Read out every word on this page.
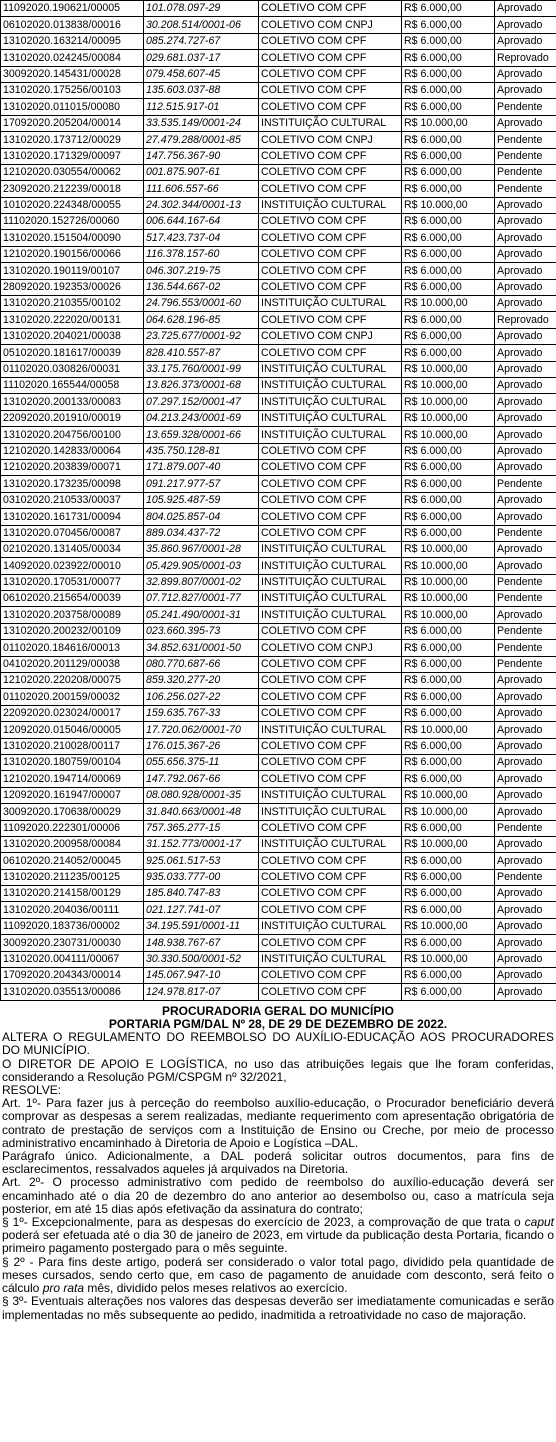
11092020.190621/00005	101.078.097-29	COLETIVO COM CPF	R$ 6.000,00	Aprovado
06102020.013838/00016	30.208.514/0001-06	COLETIVO COM CNPJ	R$ 6.000,00	Aprovado
13102020.163214/00095	085.274.727-67	COLETIVO COM CPF	R$ 6.000,00	Aprovado
13102020.024245/00084	029.681.037-17	COLETIVO COM CPF	R$ 6.000,00	Reprovado
30092020.145431/00028	079.458.607-45	COLETIVO COM CPF	R$ 6.000,00	Aprovado
13102020.175256/00103	135.603.037-88	COLETIVO COM CPF	R$ 6.000,00	Aprovado
13102020.011015/00080	112.515.917-01	COLETIVO COM CPF	R$ 6.000,00	Pendente
17092020.205204/00014	33.535.149/0001-24	INSTITUIÇÃO CULTURAL	R$ 10.000,00	Aprovado
13102020.173712/00029	27.479.288/0001-85	COLETIVO COM CNPJ	R$ 6.000,00	Pendente
13102020.171329/00097	147.756.367-90	COLETIVO COM CPF	R$ 6.000,00	Pendente
12102020.030554/00062	001.875.907-61	COLETIVO COM CPF	R$ 6.000,00	Pendente
23092020.212239/00018	111.606.557-66	COLETIVO COM CPF	R$ 6.000,00	Pendente
10102020.224348/00055	24.302.344/0001-13	INSTITUIÇÃO CULTURAL	R$ 10.000,00	Aprovado
11102020.152726/00060	006.644.167-64	COLETIVO COM CPF	R$ 6.000,00	Aprovado
13102020.151504/00090	517.423.737-04	COLETIVO COM CPF	R$ 6.000,00	Aprovado
12102020.190156/00066	116.378.157-60	COLETIVO COM CPF	R$ 6.000,00	Aprovado
13102020.190119/00107	046.307.219-75	COLETIVO COM CPF	R$ 6.000,00	Aprovado
28092020.192353/00026	136.544.667-02	COLETIVO COM CPF	R$ 6.000,00	Aprovado
13102020.210355/00102	24.796.553/0001-60	INSTITUIÇÃO CULTURAL	R$ 10.000,00	Aprovado
13102020.222020/00131	064.628.196-85	COLETIVO COM CPF	R$ 6.000,00	Reprovado
13102020.204021/00038	23.725.677/0001-92	COLETIVO COM CNPJ	R$ 6.000,00	Aprovado
05102020.181617/00039	828.410.557-87	COLETIVO COM CPF	R$ 6.000,00	Aprovado
01102020.030826/00031	33.175.760/0001-99	INSTITUIÇÃO CULTURAL	R$ 10.000,00	Aprovado
11102020.165544/00058	13.826.373/0001-68	INSTITUIÇÃO CULTURAL	R$ 10.000,00	Aprovado
13102020.200133/00083	07.297.152/0001-47	INSTITUIÇÃO CULTURAL	R$ 10.000,00	Aprovado
22092020.201910/00019	04.213.243/0001-69	INSTITUIÇÃO CULTURAL	R$ 10.000,00	Aprovado
13102020.204756/00100	13.659.328/0001-66	INSTITUIÇÃO CULTURAL	R$ 10.000,00	Aprovado
12102020.142833/00064	435.750.128-81	COLETIVO COM CPF	R$ 6.000,00	Aprovado
12102020.203839/00071	171.879.007-40	COLETIVO COM CPF	R$ 6.000,00	Aprovado
13102020.173235/00098	091.217.977-57	COLETIVO COM CPF	R$ 6.000,00	Pendente
03102020.210533/00037	105.925.487-59	COLETIVO COM CPF	R$ 6.000,00	Aprovado
13102020.161731/00094	804.025.857-04	COLETIVO COM CPF	R$ 6.000,00	Aprovado
13102020.070456/00087	889.034.437-72	COLETIVO COM CPF	R$ 6.000,00	Pendente
02102020.131405/00034	35.860.967/0001-28	INSTITUIÇÃO CULTURAL	R$ 10.000,00	Aprovado
14092020.023922/00010	05.429.905/0001-03	INSTITUIÇÃO CULTURAL	R$ 10.000,00	Aprovado
13102020.170531/00077	32.899.807/0001-02	INSTITUIÇÃO CULTURAL	R$ 10.000,00	Pendente
06102020.215654/00039	07.712.827/0001-77	INSTITUIÇÃO CULTURAL	R$ 10.000,00	Pendente
13102020.203758/00089	05.241.490/0001-31	INSTITUIÇÃO CULTURAL	R$ 10.000,00	Aprovado
13102020.200232/00109	023.660.395-73	COLETIVO COM CPF	R$ 6.000,00	Pendente
01102020.184616/00013	34.852.631/0001-50	COLETIVO COM CNPJ	R$ 6.000,00	Pendente
04102020.201129/00038	080.770.687-66	COLETIVO COM CPF	R$ 6.000,00	Pendente
12102020.220208/00075	859.320.277-20	COLETIVO COM CPF	R$ 6.000,00	Aprovado
01102020.200159/00032	106.256.027-22	COLETIVO COM CPF	R$ 6.000,00	Aprovado
22092020.023024/00017	159.635.767-33	COLETIVO COM CPF	R$ 6.000,00	Aprovado
12092020.015046/00005	17.720.062/0001-70	INSTITUIÇÃO CULTURAL	R$ 10.000,00	Aprovado
13102020.210028/00117	176.015.367-26	COLETIVO COM CPF	R$ 6.000,00	Aprovado
13102020.180759/00104	055.656.375-11	COLETIVO COM CPF	R$ 6.000,00	Aprovado
12102020.194714/00069	147.792.067-66	COLETIVO COM CPF	R$ 6.000,00	Aprovado
12092020.161947/00007	08.080.928/0001-35	INSTITUIÇÃO CULTURAL	R$ 10.000,00	Aprovado
30092020.170638/00029	31.840.663/0001-48	INSTITUIÇÃO CULTURAL	R$ 10.000,00	Aprovado
11092020.222301/00006	757.365.277-15	COLETIVO COM CPF	R$ 6.000,00	Pendente
13102020.200958/00084	31.152.773/0001-17	INSTITUIÇÃO CULTURAL	R$ 10.000,00	Aprovado
06102020.214052/00045	925.061.517-53	COLETIVO COM CPF	R$ 6.000,00	Aprovado
13102020.211235/00125	935.033.777-00	COLETIVO COM CPF	R$ 6.000,00	Pendente
13102020.214158/00129	185.840.747-83	COLETIVO COM CPF	R$ 6.000,00	Aprovado
13102020.204036/00111	021.127.741-07	COLETIVO COM CPF	R$ 6.000,00	Aprovado
11092020.183736/00002	34.195.591/0001-11	INSTITUIÇÃO CULTURAL	R$ 10.000,00	Aprovado
30092020.230731/00030	148.938.767-67	COLETIVO COM CPF	R$ 6.000,00	Aprovado
13102020.004111/00067	30.330.500/0001-52	INSTITUIÇÃO CULTURAL	R$ 10.000,00	Aprovado
17092020.204343/00014	145.067.947-10	COLETIVO COM CPF	R$ 6.000,00	Aprovado
13102020.035513/00086	124.978.817-07	COLETIVO COM CPF	R$ 6.000,00	Aprovado

PROCURADORIA GERAL DO MUNICÍPIO

PORTARIA PGM/DAL Nº 28, DE 29 DE DEZEMBRO DE 2022.

ALTERA O REGULAMENTO DO REEMBOLSO DO AUXÍLIO-EDUCAÇÃO AOS PROCURADORES DO MUNICÍPIO.

O DIRETOR DE APOIO E LOGÍSTICA, no uso das atribuições legais que lhe foram conferidas, considerando a Resolução PGM/CSPGM nº 32/2021,

RESOLVE:

Art. 1º- Para fazer jus à perceção do reembolso auxílio-educação, o Procurador beneficiário deverá comprovar as despesas a serem realizadas, mediante requerimento com apresentação obrigatória de contrato de prestação de serviços com a Instituição de Ensino ou Creche, por meio de processo administrativo encaminhado à Diretoria de Apoio e Logística –DAL.

Parágrafo único. Adicionalmente, a DAL poderá solicitar outros documentos, para fins de esclarecimentos, ressalvados aqueles já arquivados na Diretoria.

Art. 2º- O processo administrativo com pedido de reembolso do auxílio-educação deverá ser encaminhado até o dia 20 de dezembro do ano anterior ao desembolso ou, caso a matrícula seja posterior, em até 15 dias após efetivação da assinatura do contrato;

§ 1º- Excepcionalmente, para as despesas do exercício de 2023, a comprovação de que trata o caput poderá ser efetuada até o dia 30 de janeiro de 2023, em virtude da publicação desta Portaria, ficando o primeiro pagamento postergado para o mês seguinte.

§ 2º - Para fins deste artigo, poderá ser considerado o valor total pago, dividido pela quantidade de meses cursados, sendo certo que, em caso de pagamento de anuidade com desconto, será feito o cálculo pro rata mês, dividido pelos meses relativos ao exercício.

§ 3º- Eventuais alterações nos valores das despesas deverão ser imediatamente comunicadas e serão implementadas no mês subsequente ao pedido, inadmitida a retroatividade no caso de majoração.
